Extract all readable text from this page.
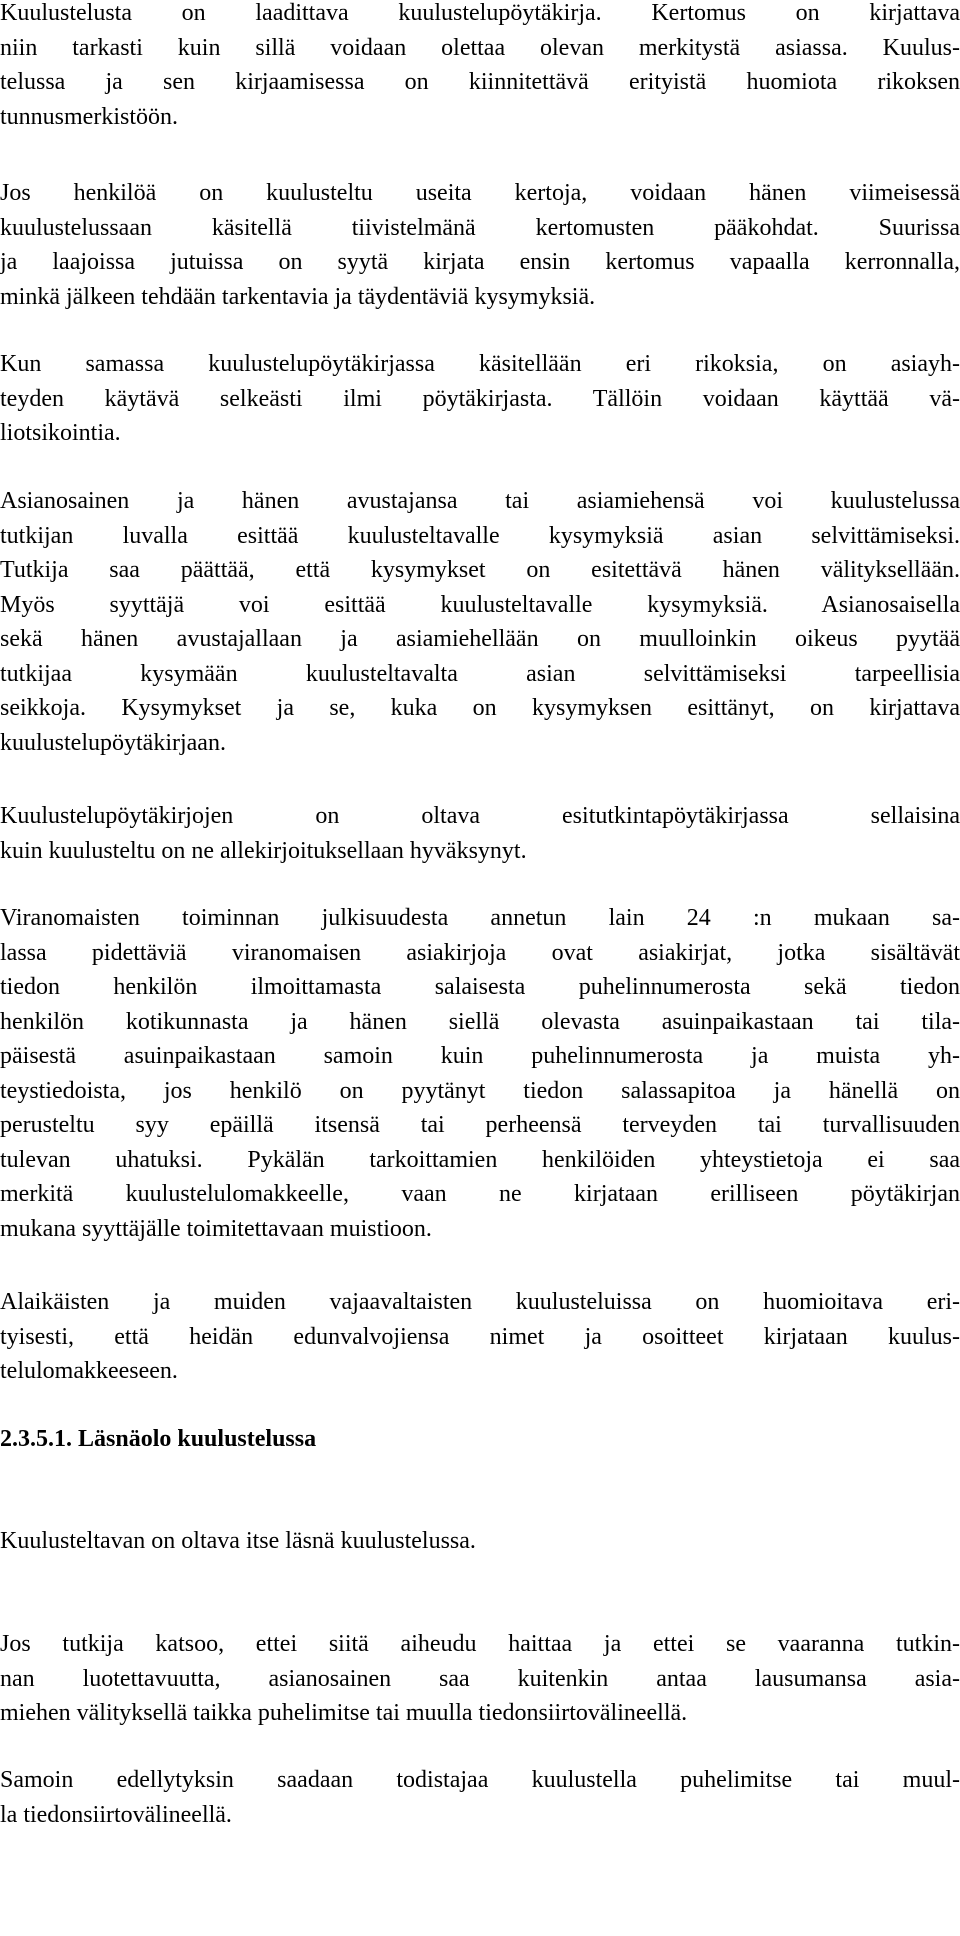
Kuulustelusta on laadittava kuulustelupöytäkirja. Kertomus on kirjattava
niin tarkasti kuin sillä voidaan olettaa olevan merkitystä asiassa. Kuulus-
telussa ja sen kirjaamisessa on kiinnitettävä erityistä huomiota rikoksen
tunnusmerkistöön.
Jos henkilöä on kuulusteltu useita kertoja, voidaan hänen viimeisessä
kuulustelussaan käsitellä tiivistelmänä kertomusten pääkohdat. Suurissa
ja laajoissa jutuissa on syytä kirjata ensin kertomus vapaalla kerronnalla,
minkä jälkeen tehdään tarkentavia ja täydentäviä kysymyksiä.
Kun samassa kuulustelupöytäkirjassa käsitellään eri rikoksia, on asiayh-
teyden käytävä selkeästi ilmi pöytäkirjasta. Tällöin voidaan käyttää vä-
liotsikointia.
Asianosainen ja hänen avustajansa tai asiamiehensä voi kuulustelussa
tutkijan luvalla esittää kuulusteltavalle kysymyksiä asian selvittämiseksi.
Tutkija saa päättää, että kysymykset on esitettävä hänen välityksellään.
Myös syyttäjä voi esittää kuulusteltavalle kysymyksiä. Asianosaisella
sekä hänen avustajallaan ja asiamiehellään on muulloinkin oikeus pyytää
tutkijaa kysymään kuulusteltavalta asian selvittämiseksi tarpeellisia
seikkoja. Kysymykset ja se, kuka on kysymyksen esittänyt, on kirjattava
kuulustelupöytäkirjaan.
Kuulustelupöytäkirjojen on oltava esitutkintapöytäkirjassa sellaisina
kuin kuulusteltu on ne allekirjoituksellaan hyväksynyt.
Viranomaisten toiminnan julkisuudesta annetun lain 24 :n mukaan sa-
lassa pidettäviä viranomaisen asiakirjoja ovat asiakirjat, jotka sisältävät
tiedon henkilön ilmoittamasta salaisesta puhelinnumerosta sekä tiedon
henkilön kotikunnasta ja hänen siellä olevasta asuinpaikastaan tai tila-
päisestä asuinpaikastaan samoin kuin puhelinnumerosta ja muista yh-
teystiedoista, jos henkilö on pyytänyt tiedon salassapitoa ja hänellä on
perusteltu syy epäillä itsensä tai perheensä terveyden tai turvallisuuden
tulevan uhatuksi. Pykälän tarkoittamien henkilöiden yhteystietoja ei saa
merkitä kuulustelulomakkeelle, vaan ne kirjataan erilliseen pöytäkirjan
mukana syyttäjälle toimitettavaan muistioon.
Alaikäisten ja muiden vajaavaltaisten kuulusteluissa on huomioitava eri-
tyisesti, että heidän edunvalvojiensa nimet ja osoitteet kirjataan kuulus-
telulomakkeeseen.
2.3.5.1. Läsnäolo kuulustelussa
Kuulusteltavan on oltava itse läsnä kuulustelussa.
Jos tutkija katsoo, ettei siitä aiheudu haittaa ja ettei se vaaranna tutkin-
nan luotettavuutta, asianosainen saa kuitenkin antaa lausumansa asia-
miehen välityksellä taikka puhelimitse tai muulla tiedonsiirtovälineellä.
Samoin edellytyksin saadaan todistajaa kuulustella puhelimitse tai muul-
la tiedonsiirtovälineellä.
